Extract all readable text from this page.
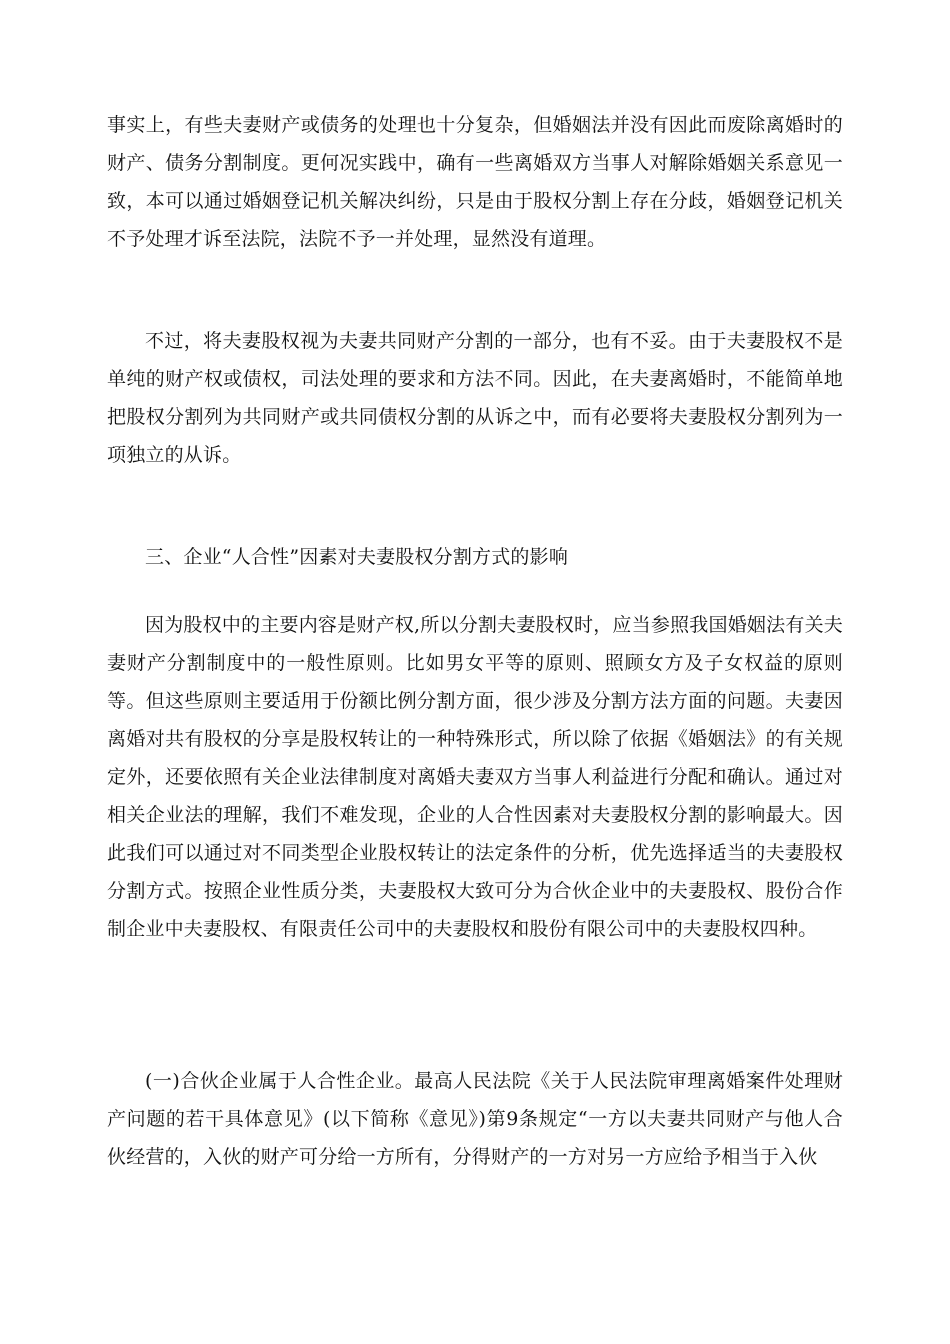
事实上，有些夫妻财产或债务的处理也十分复杂，但婚姻法并没有因此而废除离婚时的财产、债务分割制度。更何况实践中，确有一些离婚双方当事人对解除婚姻关系意见一致，本可以通过婚姻登记机关解决纠纷，只是由于股权分割上存在分歧，婚姻登记机关不予处理才诉至法院，法院不予一并处理，显然没有道理。
不过，将夫妻股权视为夫妻共同财产分割的一部分，也有不妥。由于夫妻股权不是单纯的财产权或债权，司法处理的要求和方法不同。因此，在夫妻离婚时，不能简单地把股权分割列为共同财产或共同债权分割的从诉之中，而有必要将夫妻股权分割列为一项独立的从诉。
三、企业“人合性”因素对夫妻股权分割方式的影响
因为股权中的主要内容是财产权,所以分割夫妻股权时，应当参照我国婚姻法有关夫妻财产分割制度中的一般性原则。比如男女平等的原则、照顾女方及子女权益的原则等。但这些原则主要适用于份额比例分割方面，很少涉及分割方法方面的问题。夫妻因离婚对共有股权的分享是股权转让的一种特殊形式，所以除了依据《婚姻法》的有关规定外，还要依照有关企业法律制度对离婚夫妻双方当事人利益进行分配和确认。通过对相关企业法的理解，我们不难发现，企业的人合性因素对夫妻股权分割的影响最大。因此我们可以通过对不同类型企业股权转让的法定条件的分析，优先选择适当的夫妻股权分割方式。按照企业性质分类，夫妻股权大致可分为合伙企业中的夫妻股权、股份合作制企业中夫妻股权、有限责任公司中的夫妻股权和股份有限公司中的夫妻股权四种。
(一)合伙企业属于人合性企业。最高人民法院《关于人民法院审理离婚案件处理财产问题的若干具体意见》(以下简称《意见》)第9条规定“一方以夫妻共同财产与他人合伙经营的，入伙的财产可分给一方所有，分得财产的一方对另一方应给予相当于入伙
